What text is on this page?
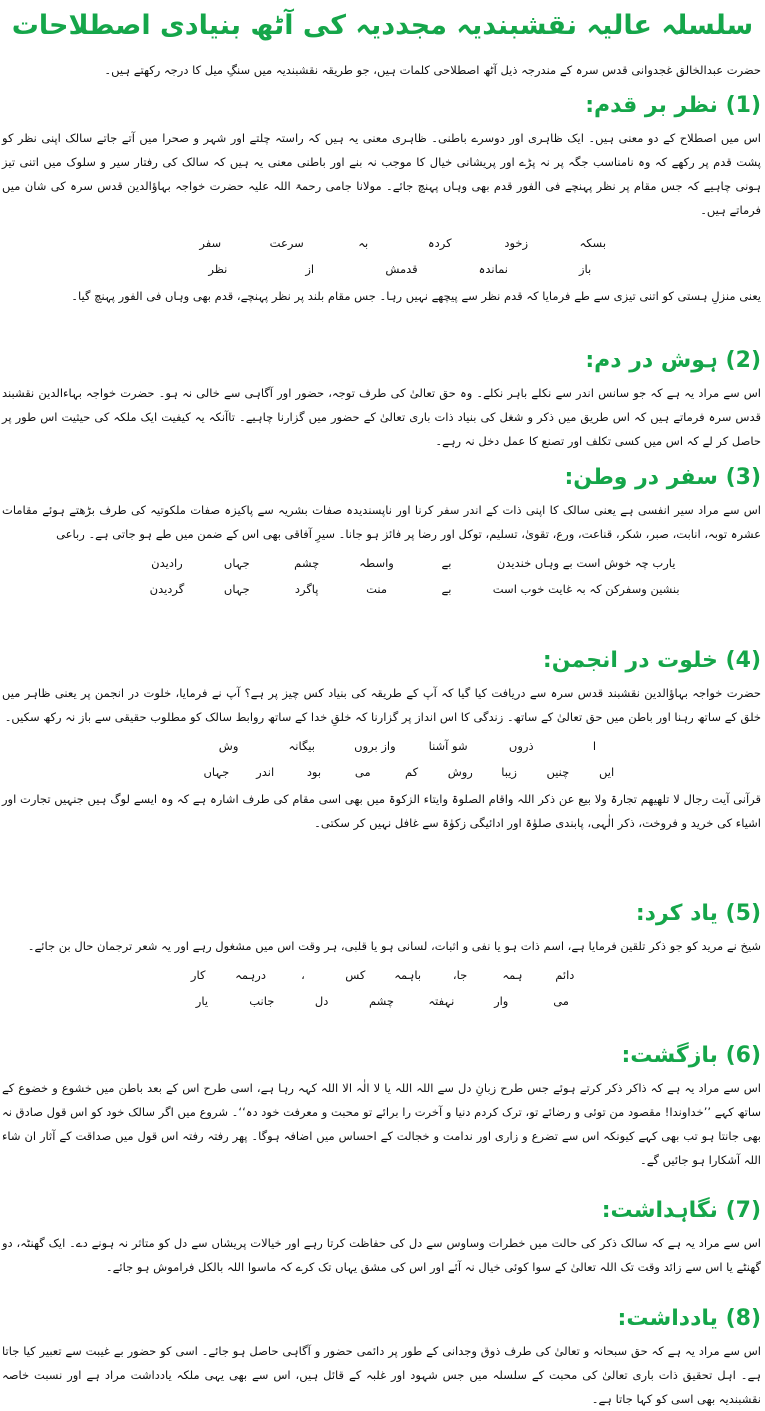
سلسلہ عالیہ نقشبندیہ مجددیہ کی آٹھ بنیادی اصطلاحات

حضرت عبدالخالق غجدوانی قدس سرہ کے مندرجہ ذیل آٹھ اصطلاحی کلمات ہیں، جو طریقہ نقشبندیہ میں سنگِ میل کا درجہ رکھتے ہیں۔

(1) نظر بر قدم:

اس میں اصطلاح کے دو معنی ہیں۔ ایک ظاہری اور دوسرے باطنی۔ ظاہری معنی یہ ہیں کہ راستہ چلتے اور شہر و صحرا میں آتے جاتے سالک اپنی نظر کو پشت قدم پر رکھے کہ وہ نامناسب جگہ پر نہ پڑے اور پریشانی خیال کا موجب نہ بنے اور باطنی معنی یہ ہیں کہ سالک کی رفتار سیر و سلوک میں اتنی تیز ہونی چاہیے کہ جس مقام پر نظر پہنچے فی الفور قدم بھی وہاں پہنچ جائے۔ مولانا جامی رحمۃ اللہ علیہ حضرت خواجہ بہاؤالدین قدس سرہ کی شان میں فرماتے ہیں۔

بسکہ
زخود
کردہ
بہ
سرعت
سفر
باز
نماندہ
قدمش
از
نظر

یعنی منزلِ ہستی کو اتنی تیزی سے طے فرمایا کہ قدم نظر سے پیچھے نہیں رہا۔ جس مقام بلند پر نظر پہنچے، قدم بھی وہاں فی الفور پہنچ گیا۔

(2) ہوش در دم:

اس سے مراد یہ ہے کہ جو سانس اندر سے نکلے باہر نکلے۔ وہ حق تعالیٰ کی طرف توجہ، حضور اور آگاہی سے خالی نہ ہو۔ حضرت خواجہ بہاءالدین نقشبند قدس سرہ فرماتے ہیں کہ اس طریق میں ذکر و شغل کی بنیاد ذات باری تعالیٰ کے حضور میں گزارنا چاہیے۔ تاآنکہ یہ کیفیت ایک ملکہ کی حیثیت اس طور پر حاصل کر لے کہ اس میں کسی تکلف اور تصنع کا عمل دخل نہ رہے۔

(3) سفر در وطن:

اس سے مراد سیر انفسی ہے یعنی سالک کا اپنی ذات کے اندر سفر کرنا اور ناپسندیدہ صفات بشریہ سے پاکیزہ صفات ملکوتیہ کی طرف بڑھتے ہوئے مقامات عشرہ توبہ، انابت، صبر، شکر، قناعت، ورع، تقویٰ، تسلیم، توکل اور رضا پر فائز ہو جانا۔ سیرِ آفاقی بھی اس کے ضمن میں طے ہو جاتی ہے۔ رباعی

یارب چہ خوش است بے وہاں خندیدن
بے
واسطہ
چشم
جہاں
رادیدن
بنشین وسفرکن کہ بہ غایت خوب است
بے
منت
پاگرد
جہاں
گردیدن

(4) خلوت در انجمن:

حضرت خواجہ بہاؤالدین نقشبند قدس سرہ سے دریافت کیا گیا کہ آپ کے طریقہ کی بنیاد کس چیز پر ہے؟ آپ نے فرمایا، خلوت در انجمن پر یعنی ظاہر میں خلق کے ساتھ رہنا اور باطن میں حق تعالیٰ کے ساتھ۔ زندگی کا اس انداز پر گزارنا کہ خلقِ خدا کے ساتھ روابط سالک کو مطلوب حقیقی سے باز نہ رکھ سکیں۔

ا
ذروں
شو آشنا
واز بروں
بیگانہ
وش
ایں
چنیں
زیبا
روش
کم
می
بود
اندر
جہاں

قرآنی آیت رجال لا تلھیھم تجارۃ ولا بیع عن ذکر اللہ واقام الصلوۃ وایتاء الزکوۃ میں بھی اسی مقام کی طرف اشارہ ہے کہ وہ ایسے لوگ ہیں جنہیں تجارت اور اشیاء کی خرید و فروخت، ذکر الٰہی، پابندی صلوٰۃ اور ادائیگی زکوٰۃ سے غافل نہیں کر سکتی۔

(5) یاد کرد:

شیخ نے مرید کو جو ذکر تلقین فرمایا ہے، اسم ذات ہو یا نفی و اثبات، لسانی ہو یا قلبی، ہر وقت اس میں مشغول رہے اور یہ شعر ترجمان حال بن جائے۔

دائم
ہمہ
جا،
باہمہ
کس
،
درہمہ
کار
می
وار
نہفتہ
چشم
دل
جانب
یار

(6) بازگشت:

اس سے مراد یہ ہے کہ ذاکر ذکر کرتے ہوئے جس طرح زبانِ دل سے اللہ اللہ یا لا الٰہ الا اللہ کہہ رہا ہے، اسی طرح اس کے بعد باطن میں خشوع و خضوع کے ساتھ کہے ’’خداوندا! مقصود من توئی و رضائے تو، ترک کردم دنیا و آخرت را برائے تو محبت و معرفت خود دہ‘‘۔ شروع میں اگر سالک خود کو اس قول صادق نہ بھی جانتا ہو تب بھی کہے کیونکہ اس سے تضرع و زاری اور ندامت و خجالت کے احساس میں اضافہ ہوگا۔ پھر رفتہ رفتہ اس قول میں صداقت کے آثار ان شاء اللہ آشکارا ہو جائیں گے۔

(7) نگاہداشت:

اس سے مراد یہ ہے کہ سالک ذکر کی حالت میں خطرات وساوس سے دل کی حفاظت کرتا رہے اور خیالات پریشاں سے دل کو متاثر نہ ہونے دے۔ ایک گھنٹہ، دو گھنٹے یا اس سے زائد وقت تک اللہ تعالیٰ کے سوا کوئی خیال نہ آئے اور اس کی مشق یہاں تک کرے کہ ماسوا اللہ بالکل فراموش ہو جائے۔

(8) یادداشت:

اس سے مراد یہ ہے کہ حق سبحانہ و تعالیٰ کی طرف ذوق وجدانی کے طور پر دائمی حضور و آگاہی حاصل ہو جائے۔ اسی کو حضور بے غیبت سے تعبیر کیا جاتا ہے۔ اہل تحقیق ذات باری تعالیٰ کی محبت کے سلسلہ میں جس شہود اور غلبہ کے قائل ہیں، اس سے بھی یہی ملکہ یادداشت مراد ہے اور نسبت خاصہ نقشبندیہ بھی اسی کو کہا جاتا ہے۔
